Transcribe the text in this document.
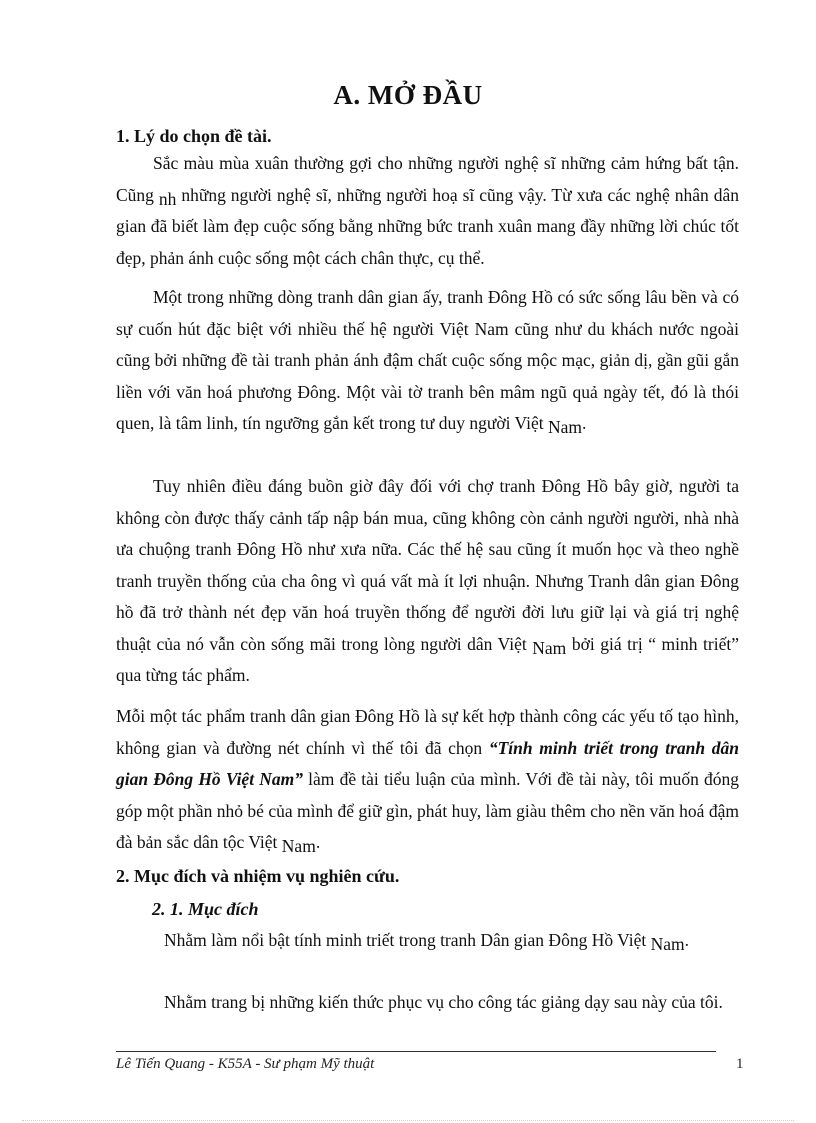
A. MỞ ĐẦU
1. Lý do chọn đề tài.

Sắc màu mùa xuân thường gợi cho những người nghệ sĩ những cảm hứng bất tận. Cũng nh những người nghệ sĩ, những người hoạ sĩ cũng vậy. Từ xưa các nghệ nhân dân gian đã biết làm đẹp cuộc sống bằng những bức tranh xuân mang đầy những lời chúc tốt đẹp, phản ánh cuộc sống một cách chân thực, cụ thể.

Một trong những dòng tranh dân gian ấy, tranh Đông Hồ có sức sống lâu bền và có sự cuốn hút đặc biệt với nhiều thế hệ người Việt Nam cũng như du khách nước ngoài cũng bởi những đề tài tranh phản ánh đậm chất cuộc sống mộc mạc, giản dị, gần gũi gắn liền với văn hoá phương Đông. Một vài tờ tranh bên mâm ngũ quả ngày tết, đó là thói quen, là tâm linh, tín ngưỡng gắn kết trong tư duy người Việt Nam.

Tuy nhiên điều đáng buồn giờ đây đối với chợ tranh Đông Hồ bây giờ, người ta không còn được thấy cảnh tấp nập bán mua, cũng không còn cảnh người người, nhà nhà ưa chuộng tranh Đông Hồ như xưa nữa. Các thế hệ sau cũng ít muốn học và theo nghề tranh truyền thống của cha ông vì quá vất mà ít lợi nhuận. Nhưng Tranh dân gian Đông hồ đã trở thành nét đẹp văn hoá truyền thống để người đời lưu giữ lại và giá trị nghệ thuật của nó vẫn còn sống mãi trong lòng người dân Việt Nam bởi giá trị “ minh triết” qua từng tác phẩm.

Mỗi một tác phẩm tranh dân gian Đông Hồ là sự kết hợp thành công các yếu tố tạo hình, không gian và đường nét chính vì thế tôi đã chọn “Tính minh triết trong tranh dân gian Đông Hồ Việt Nam” làm đề tài tiểu luận của mình. Với đề tài này, tôi muốn đóng góp một phần nhỏ bé của mình để giữ gìn, phát huy, làm giàu thêm cho nền văn hoá đậm đà bản sắc dân tộc Việt Nam.

2. Mục đích và nhiệm vụ nghiên cứu.
2. 1. Mục đích

Nhằm làm nổi bật tính minh triết trong tranh Dân gian Đông Hồ Việt Nam.

Nhằm trang bị những kiến thức phục vụ cho công tác giảng dạy sau này của tôi.

Lê Tiến Quang - K55A - Sư phạm Mỹ thuật	1
